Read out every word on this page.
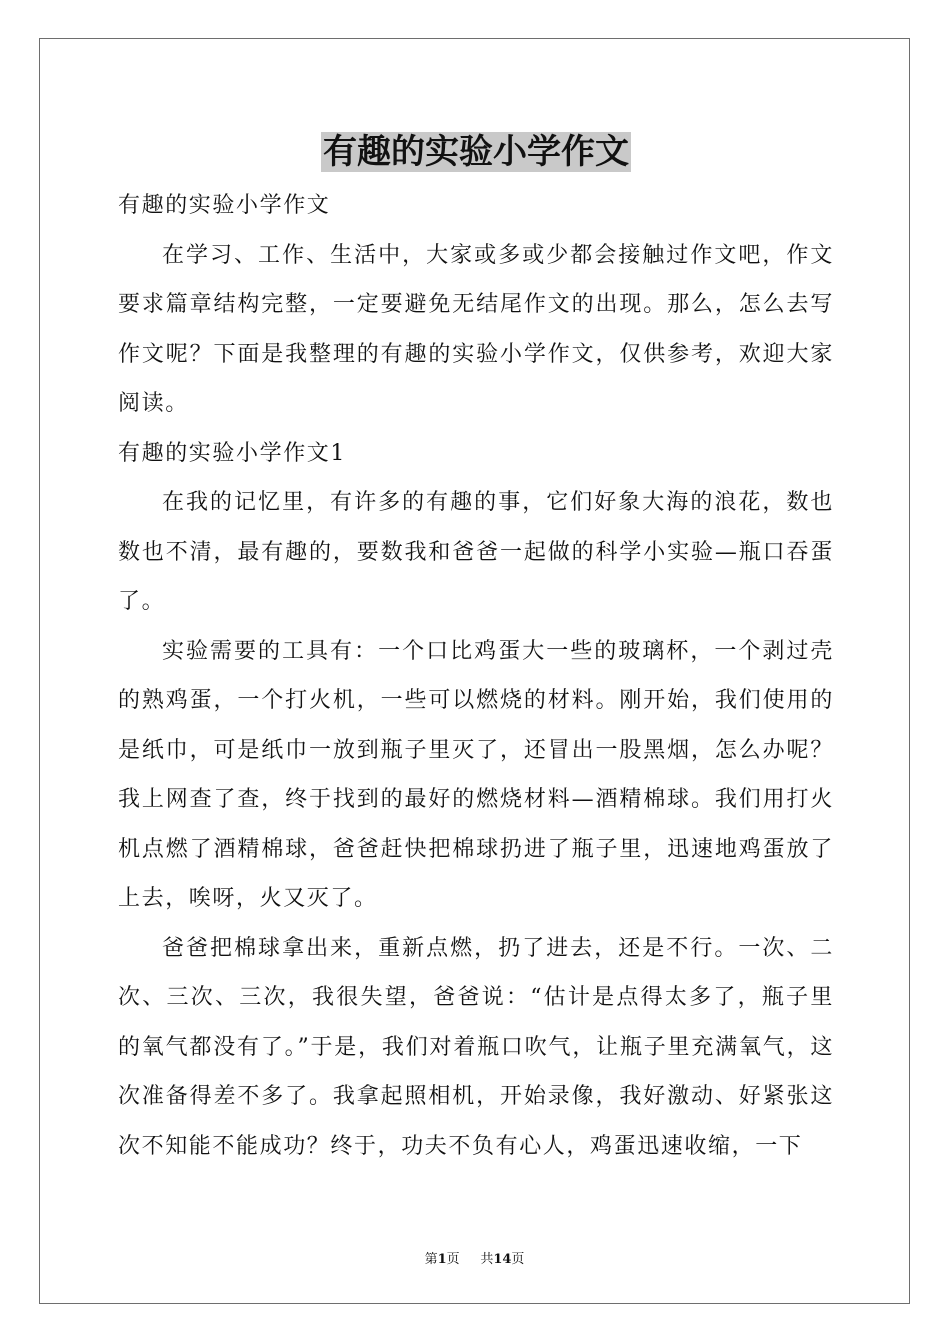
有趣的实验小学作文

有趣的实验小学作文

在学习、工作、生活中，大家或多或少都会接触过作文吧，作文要求篇章结构完整，一定要避免无结尾作文的出现。那么，怎么去写作文呢？下面是我整理的有趣的实验小学作文，仅供参考，欢迎大家阅读。

有趣的实验小学作文1

在我的记忆里，有许多的有趣的事，它们好象大海的浪花，数也数也不清，最有趣的，要数我和爸爸一起做的科学小实验—瓶口吞蛋了。

实验需要的工具有：一个口比鸡蛋大一些的玻璃杯，一个剥过壳的熟鸡蛋，一个打火机，一些可以燃烧的材料。刚开始，我们使用的是纸巾，可是纸巾一放到瓶子里灭了，还冒出一股黑烟，怎么办呢？我上网查了查，终于找到的最好的燃烧材料—酒精棉球。我们用打火机点燃了酒精棉球，爸爸赶快把棉球扔进了瓶子里，迅速地鸡蛋放了上去，唉呀，火又灭了。

爸爸把棉球拿出来，重新点燃，扔了进去，还是不行。一次、二次、三次、三次，我很失望，爸爸说：“估计是点得太多了，瓶子里的氧气都没有了。”于是，我们对着瓶口吹气，让瓶子里充满氧气，这次准备得差不多了。我拿起照相机，开始录像，我好激动、好紧张这次不知能不能成功？终于，功夫不负有心人，鸡蛋迅速收缩，一下

第1页 共14页
